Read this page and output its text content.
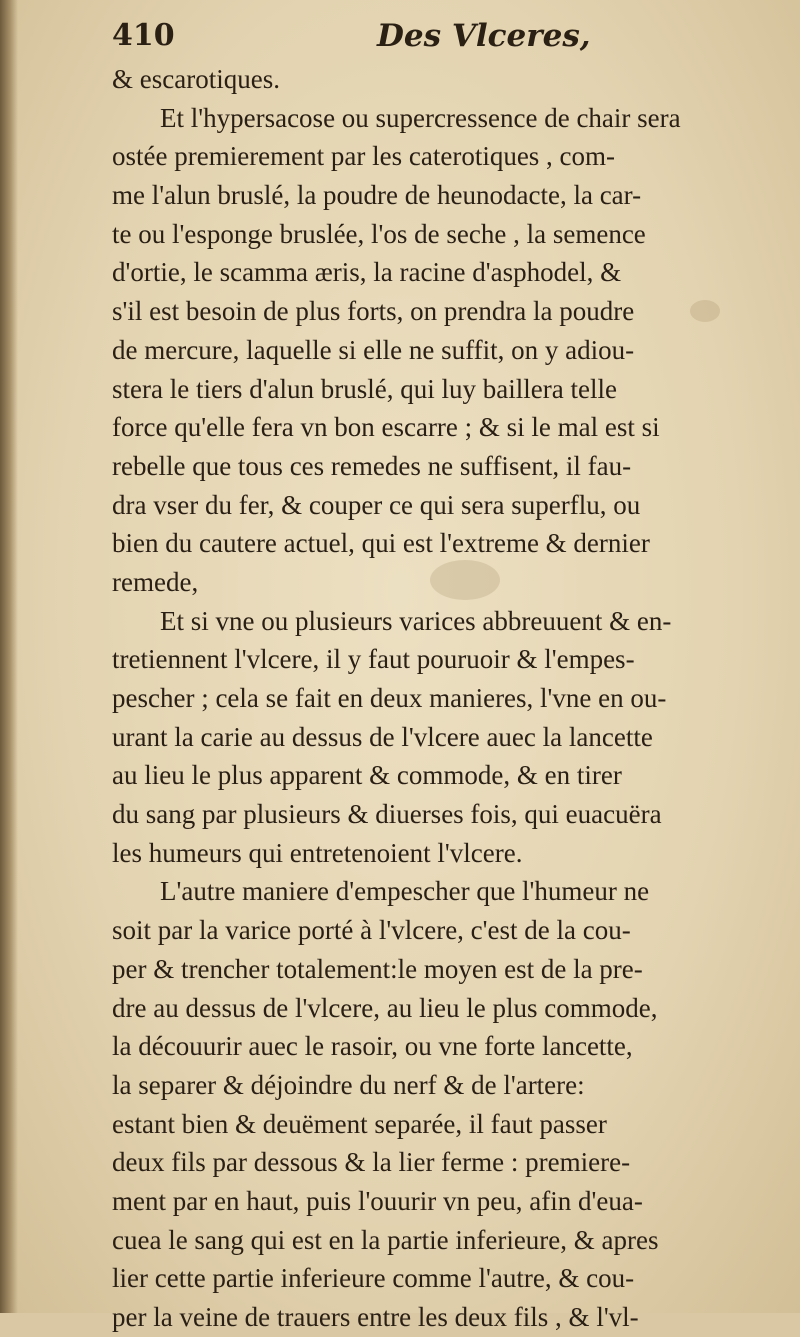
410	Des Vlceres,
& escarotiques.
Et l'hypersacose ou supercressence de chair sera
ostée premierement par les caterotiques , com-
me l'alun bruslé, la poudre de heunodacte, la car-
te ou l'esponge bruslée, l'os de seche , la semence
d'ortie, le scamma æris, la racine d'asphodel, &
s'il est besoin de plus forts, on prendra la poudre
de mercure, laquelle si elle ne suffit, on y adiou-
stera le tiers d'alun bruslé, qui luy baillera telle
force qu'elle fera vn bon escarre ; & si le mal est si
rebelle que tous ces remedes ne suffisent, il fau-
dra vser du fer, & couper ce qui sera superflu, ou
bien du cautere actuel, qui est l'extreme & dernier
remede,
Et si vne ou plusieurs varices abbreuuent & en-
tretiennent l'vlcere, il y faut pouruoir & l'empes-
pescher ; cela se fait en deux manieres, l'vne en ou-
urant la carie au dessus de l'vlcere auec la lancette
au lieu le plus apparent & commode, & en tirer
du sang par plusieurs & diuerses fois, qui euacuëra
les humeurs qui entretenoient l'vlcere.
L'autre maniere d'empescher que l'humeur ne
soit par la varice porté à l'vlcere, c'est de la cou-
per & trencher totalement:le moyen est de la pre-
dre au dessus de l'vlcere, au lieu le plus commode,
la découurir auec le rasoir, ou vne forte lancette,
la separer & déjoindre du nerf & de l'artere:
estant bien & deuëment separée, il faut passer
deux fils par dessous & la lier ferme : premiere-
ment par en haut, puis l'ouurir vn peu, afin d'eua-
cuea le sang qui est en la partie inferieure, & apres
lier cette partie inferieure comme l'autre, & cou-
per la veine de trauers entre les deux fils , & l'vl-
